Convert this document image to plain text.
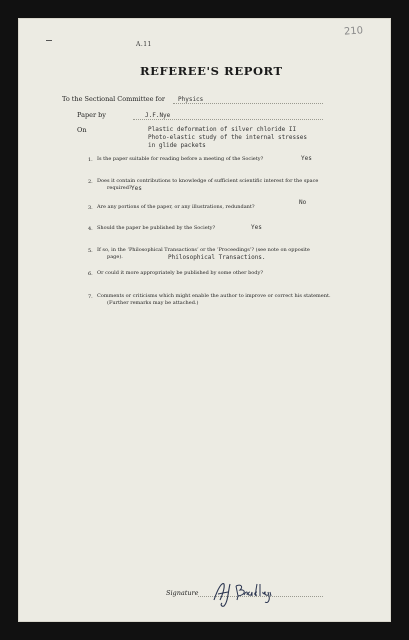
210
A.11
REFEREE'S REPORT
To the Sectional Committee for Physics
Paper by	J.F.Nye
On	Plastic deformation of silver chloride II
Photo-elastic study of the internal stresses
in glide packets
1. Is the paper suitable for reading before a meeting of the Society?	Yes
2. Does it contain contributions to knowledge of sufficient scientific interest for the space
required? Yes
3. Are any portions of the paper, or any illustrations, redundant?
No
4. Should the paper be published by the Society?	Yes
5. If so, in the ‘Philosophical Transactions’ or the ‘Proceedings’? (see note on opposite
page).	Philosophical Transactions.
6. Or could it more appropriately be published by some other body?
7. Comments or criticisms which might enable the author to improve or correct his statement.
(Further remarks may be attached.)
Signature
